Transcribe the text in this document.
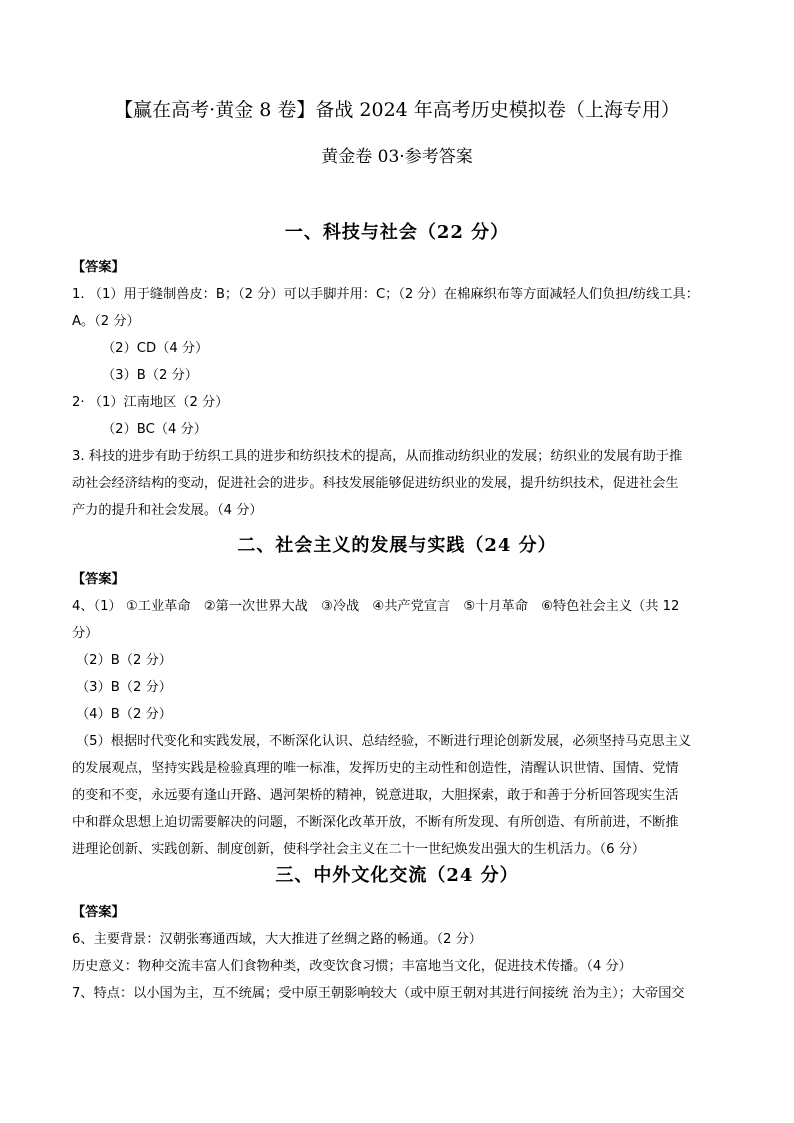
【赢在高考·黄金 8 卷】备战 2024 年高考历史模拟卷（上海专用）
黄金卷 03·参考答案
一、科技与社会（22 分）
【答案】
1. （1）用于缝制兽皮：B；（2 分）可以手脚并用：C；（2 分）在棉麻织布等方面减轻人们负担/纺线工具：
A。（2 分）
（2）CD（4 分）
（3）B（2 分）
2· （1）江南地区（2 分）
（2）BC（4 分）
3. 科技的进步有助于纺织工具的进步和纺织技术的提高，从而推动纺织业的发展；纺织业的发展有助于推
动社会经济结构的变动，促进社会的进步。科技发展能够促进纺织业的发展，提升纺织技术，促进社会生
产力的提升和社会发展。（4 分）
二、社会主义的发展与实践（24 分）
【答案】
4、（1） ①工业革命　②第一次世界大战　③冷战　④共产党宣言　⑤十月革命　⑥特色社会主义（共 12
分）
（2）B（2 分）
（3）B（2 分）
（4）B（2 分）
（5）根据时代变化和实践发展，不断深化认识、总结经验，不断进行理论创新发展，必须坚持马克思主义
的发展观点，坚持实践是检验真理的唯一标准，发挥历史的主动性和创造性，清醒认识世情、国情、党情
的变和不变，永远要有逢山开路、遇河架桥的精神，锐意进取，大胆探索，敢于和善于分析回答现实生活
中和群众思想上迫切需要解决的问题，不断深化改革开放，不断有所发现、有所创造、有所前进，不断推
进理论创新、实践创新、制度创新，使科学社会主义在二十一世纪焕发出强大的生机活力。（6 分）
三、中外文化交流（24 分）
【答案】
6、主要背景：汉朝张骞通西域，大大推进了丝绸之路的畅通。（2 分）
历史意义：物种交流丰富人们食物种类，改变饮食习惯；丰富地当文化，促进技术传播。（4 分）
7、特点：以小国为主，互不统属；受中原王朝影响较大（或中原王朝对其进行间接统 治为主）；大帝国交
